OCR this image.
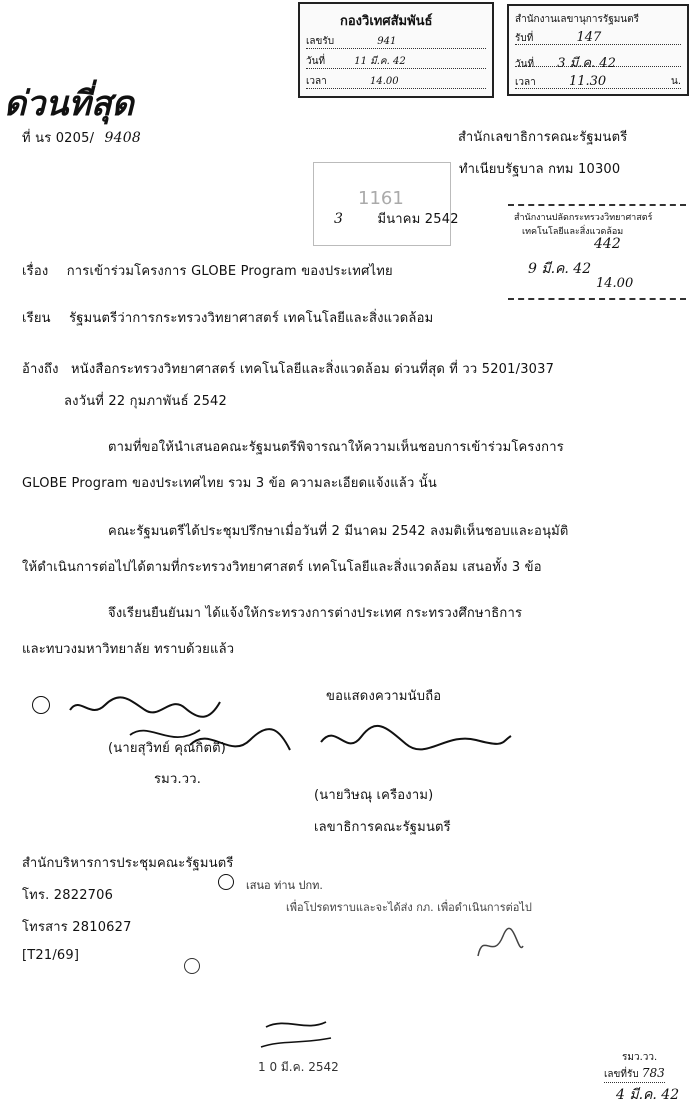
ด่วนที่สุด
กองวิเทศสัมพันธ์
เลขรับ	941
วันที่	11 มี.ค. 42
เวลา	14.00
สำนักงานเลขานุการรัฐมนตรี
รับที่	147
วันที่ 3 มี.ค. 42
เวลา	11.30	น.
ที่ นร 0205/ 9408	สำนักเลขาธิการคณะรัฐมนตรี
ทำเนียบรัฐบาล กทม 10300
1161
3	มีนาคม 2542	สำนักงานปลัดกระทรวงวิทยาศาสตร์
เทคโนโลยีและสิ่งแวดล้อม
442
9 มี.ค. 42
14.00
เรื่อง การเข้าร่วมโครงการ GLOBE Program ของประเทศไทย
เรียน รัฐมนตรีว่าการกระทรวงวิทยาศาสตร์ เทคโนโลยีและสิ่งแวดล้อม
อ้างถึง หนังสือกระทรวงวิทยาศาสตร์ เทคโนโลยีและสิ่งแวดล้อม ด่วนที่สุด ที่ วว 5201/3037
ลงวันที่ 22 กุมภาพันธ์ 2542
ตามที่ขอให้นำเสนอคณะรัฐมนตรีพิจารณาให้ความเห็นชอบการเข้าร่วมโครงการ
GLOBE Program ของประเทศไทย รวม 3 ข้อ ความละเอียดแจ้งแล้ว นั้น
คณะรัฐมนตรีได้ประชุมปรึกษาเมื่อวันที่ 2 มีนาคม 2542 ลงมติเห็นชอบและอนุมัติ
ให้ดำเนินการต่อไปได้ตามที่กระทรวงวิทยาศาสตร์ เทคโนโลยีและสิ่งแวดล้อม เสนอทั้ง 3 ข้อ
จึงเรียนยืนยันมา ได้แจ้งให้กระทรวงการต่างประเทศ กระทรวงศึกษาธิการ
และทบวงมหาวิทยาลัย ทราบด้วยแล้ว
ขอแสดงความนับถือ
(นายสุวิทย์ คุณกิตติ)
รมว.วว.
(นายวิษณุ เครืองาม)
เลขาธิการคณะรัฐมนตรี
สำนักบริหารการประชุมคณะรัฐมนตรี
โทร. 2822706
โทรสาร 2810627
[T21/69]
เสนอ ท่าน ปกท.
เพื่อโปรดทราบและจะได้ส่ง กภ. เพื่อดำเนินการต่อไป
1 0 มี.ค. 2542
รมว.วว.
เลขที่รับ 783
4 มี.ค. 42
